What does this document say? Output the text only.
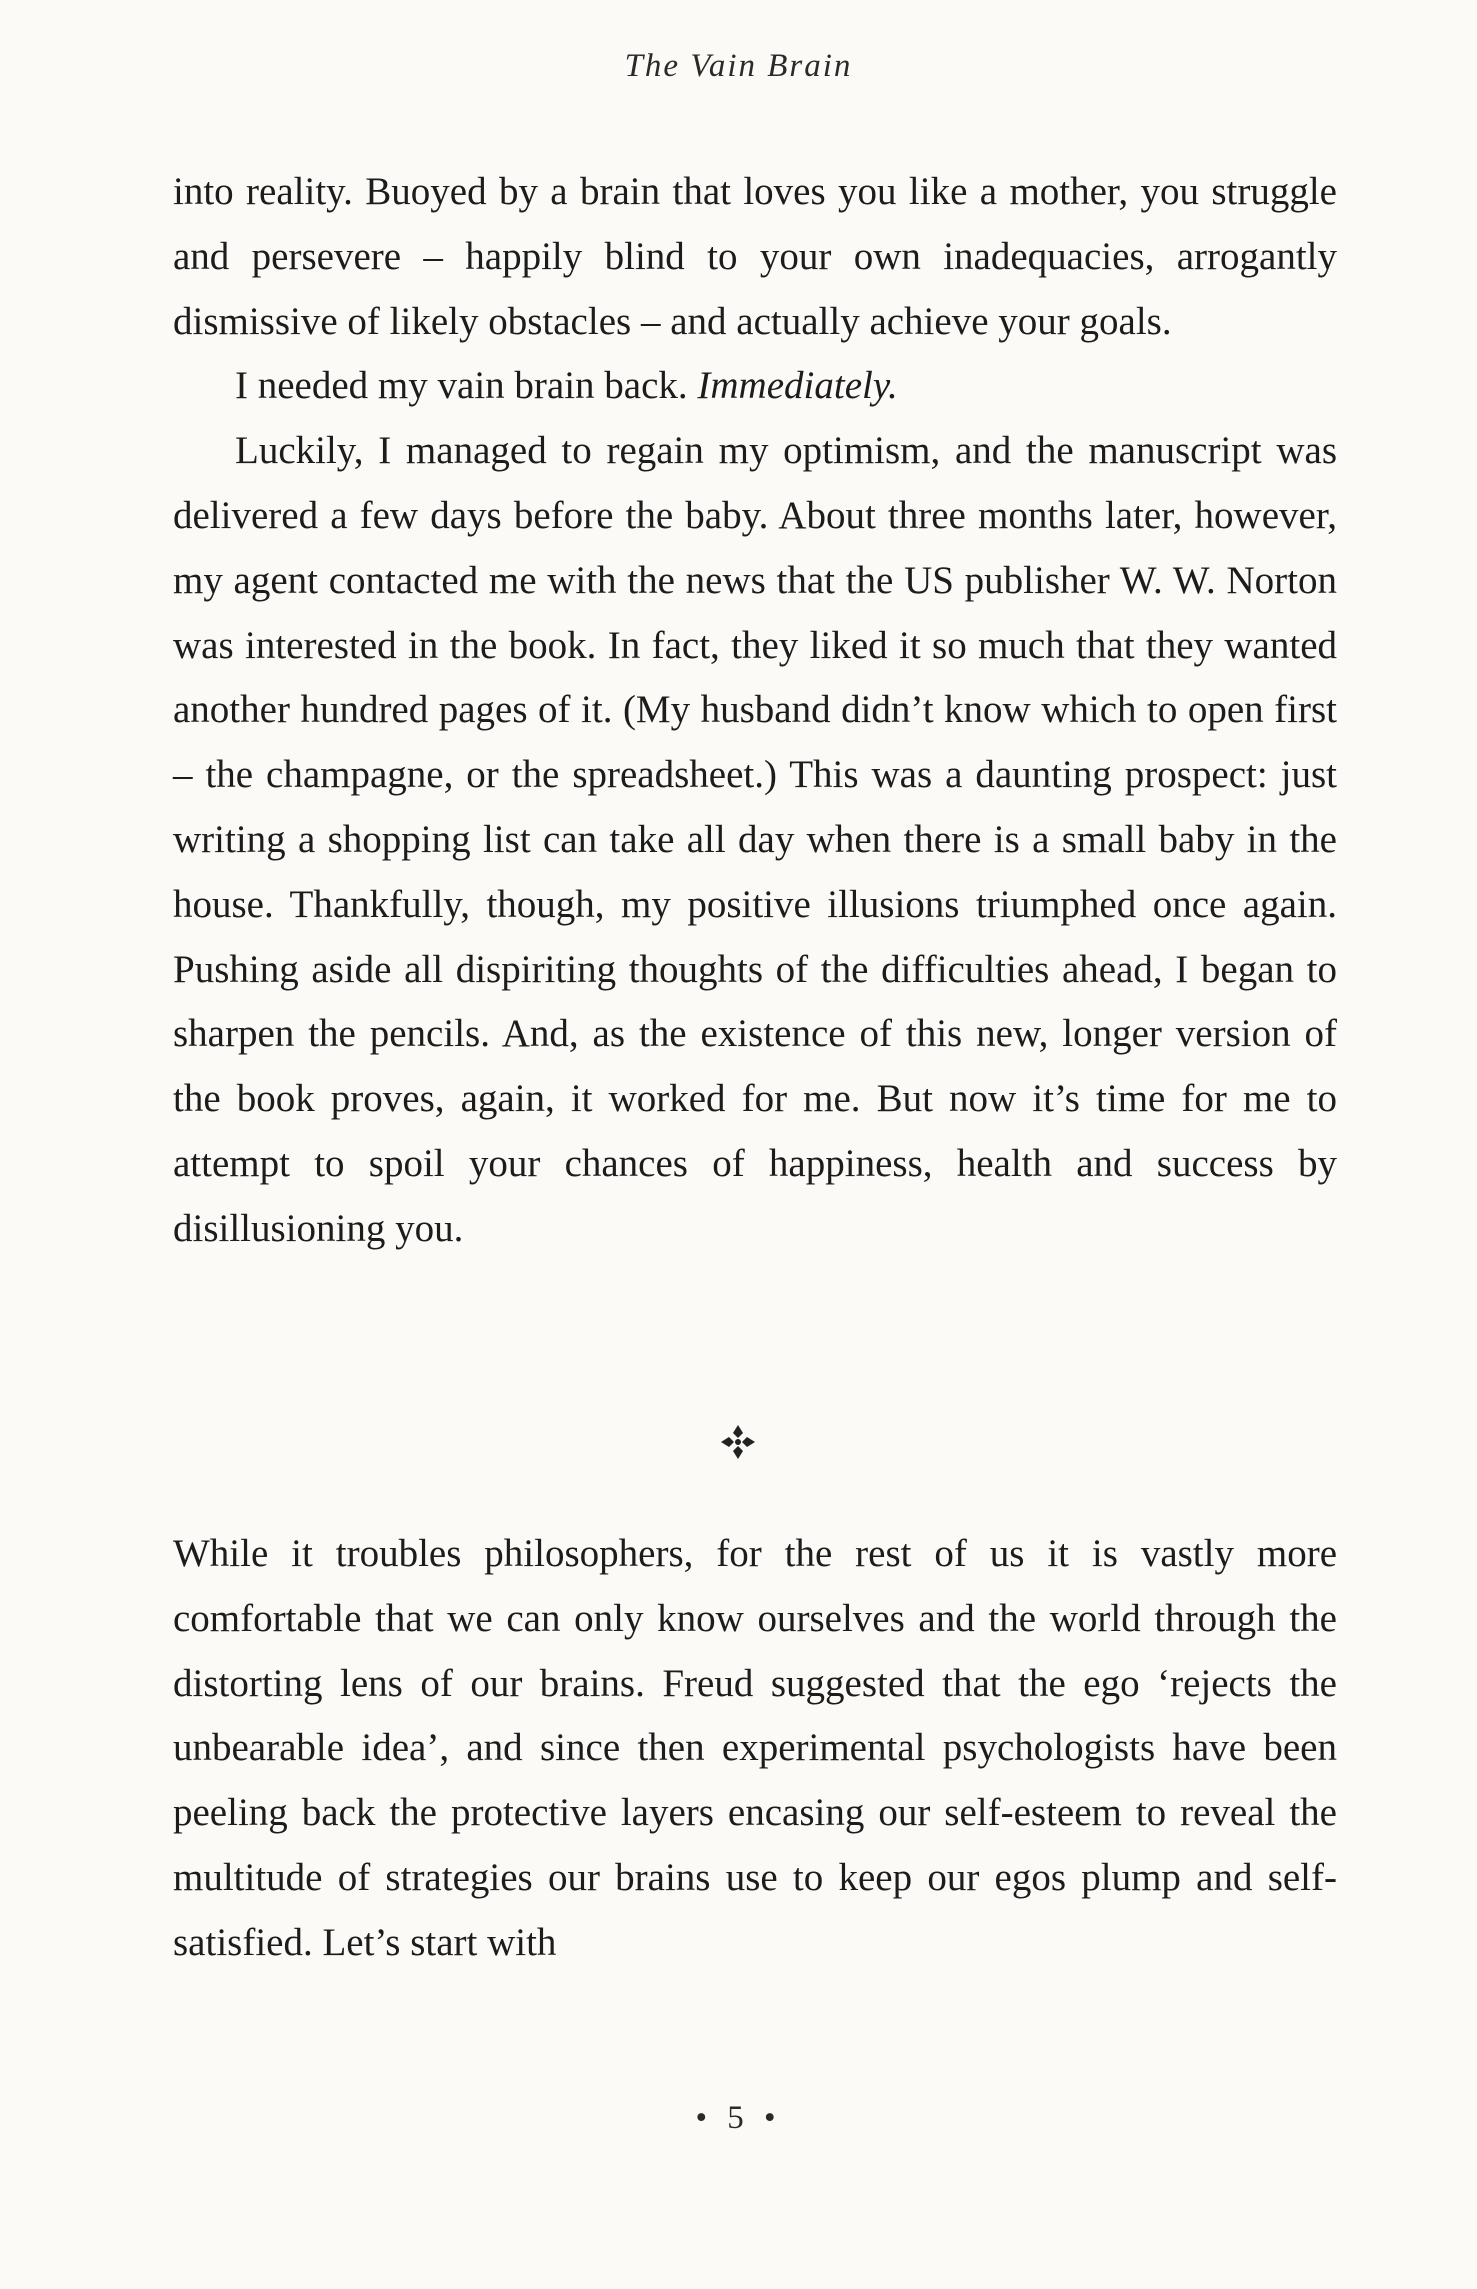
The Vain Brain

into reality. Buoyed by a brain that loves you like a mother, you struggle and persevere – happily blind to your own inadequacies, arrogantly dismissive of likely obstacles – and actually achieve your goals.

I needed my vain brain back. Immediately.

Luckily, I managed to regain my optimism, and the manuscript was delivered a few days before the baby. About three months later, however, my agent contacted me with the news that the US publisher W. W. Norton was interested in the book. In fact, they liked it so much that they wanted another hundred pages of it. (My husband didn’t know which to open first – the champagne, or the spreadsheet.) This was a daunting prospect: just writing a shopping list can take all day when there is a small baby in the house. Thankfully, though, my positive illusions triumphed once again. Pushing aside all dispiriting thoughts of the difficulties ahead, I began to sharpen the pencils. And, as the existence of this new, longer version of the book proves, again, it worked for me. But now it’s time for me to attempt to spoil your chances of happiness, health and success by disillusioning you.

While it troubles philosophers, for the rest of us it is vastly more comfortable that we can only know ourselves and the world through the distorting lens of our brains. Freud suggested that the ego ‘rejects the unbearable idea’, and since then experimental psychologists have been peeling back the protective layers encasing our self-esteem to reveal the multitude of strategies our brains use to keep our egos plump and self-satisfied. Let’s start with

• 5 •
